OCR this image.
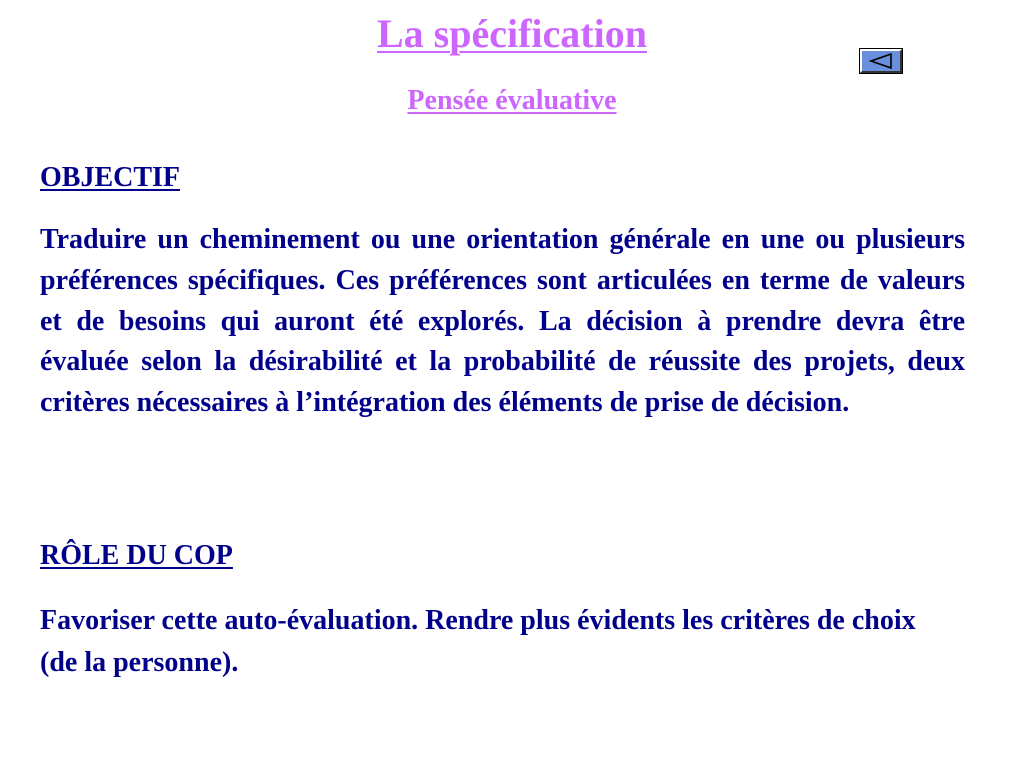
La spécification
Pensée évaluative
OBJECTIF

Traduire un cheminement ou une orientation générale en une ou plusieurs préférences spécifiques. Ces préférences sont articulées en terme de valeurs et de besoins qui auront été explorés. La décision à prendre devra être évaluée selon la désirabilité et la probabilité de réussite des projets, deux critères nécessaires à l’intégration des éléments de prise de décision.

RÔLE DU COP

Favoriser cette auto-évaluation. Rendre plus évidents les critères de choix (de la personne).
